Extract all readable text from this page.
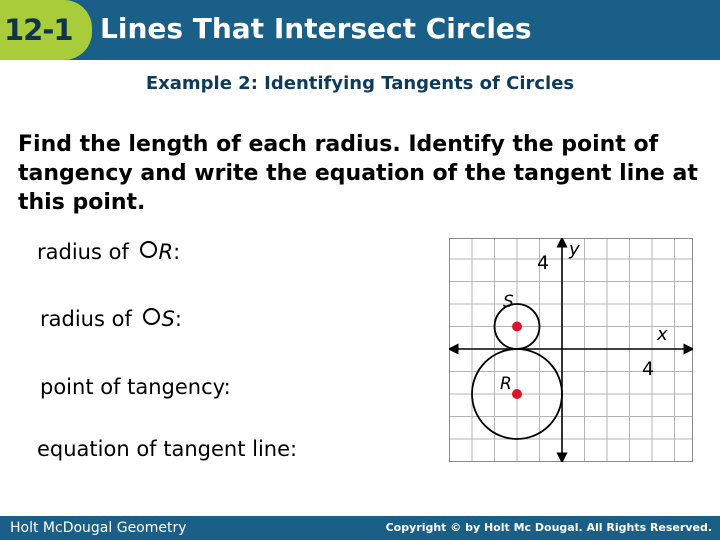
12-1 Lines That Intersect Circles
Example 2: Identifying Tangents of Circles
Find the length of each radius. Identify the point of tangency and write the equation of the tangent line at this point.
radius of R:
radius of S:
point of tangency:
equation of tangent line:
x
y
4
4
S
R
Holt McDougal Geometry	Copyright © by Holt Mc Dougal. All Rights Reserved.
